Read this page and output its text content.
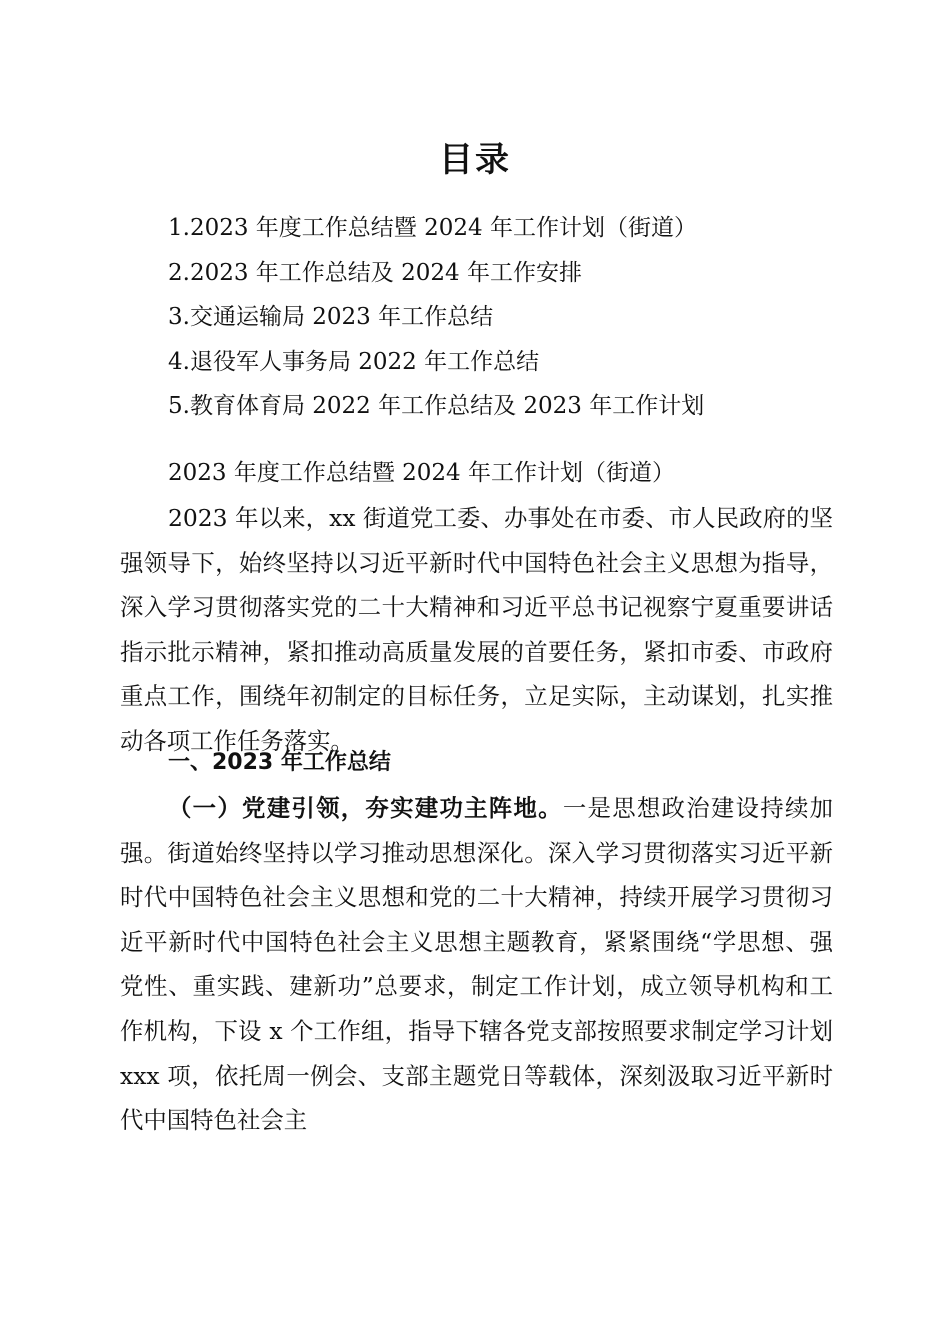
目录
1.2023 年度工作总结暨 2024 年工作计划（街道）
2.2023 年工作总结及 2024 年工作安排
3.交通运输局 2023 年工作总结
4.退役军人事务局 2022 年工作总结
5.教育体育局 2022 年工作总结及 2023 年工作计划
2023 年度工作总结暨 2024 年工作计划（街道）

2023 年以来，xx 街道党工委、办事处在市委、市人民政府的坚强领导下，始终坚持以习近平新时代中国特色社会主义思想为指导，深入学习贯彻落实党的二十大精神和习近平总书记视察宁夏重要讲话指示批示精神，紧扣推动高质量发展的首要任务，紧扣市委、市政府重点工作，围绕年初制定的目标任务，立足实际，主动谋划，扎实推动各项工作任务落实。

一、2023 年工作总结

（一）党建引领，夯实建功主阵地。一是思想政治建设持续加强。街道始终坚持以学习推动思想深化。深入学习贯彻落实习近平新时代中国特色社会主义思想和党的二十大精神，持续开展学习贯彻习近平新时代中国特色社会主义思想主题教育，紧紧围绕“学思想、强党性、重实践、建新功”总要求，制定工作计划，成立领导机构和工作机构，下设 x 个工作组，指导下辖各党支部按照要求制定学习计划 xxx 项，依托周一例会、支部主题党日等载体，深刻汲取习近平新时代中国特色社会主
